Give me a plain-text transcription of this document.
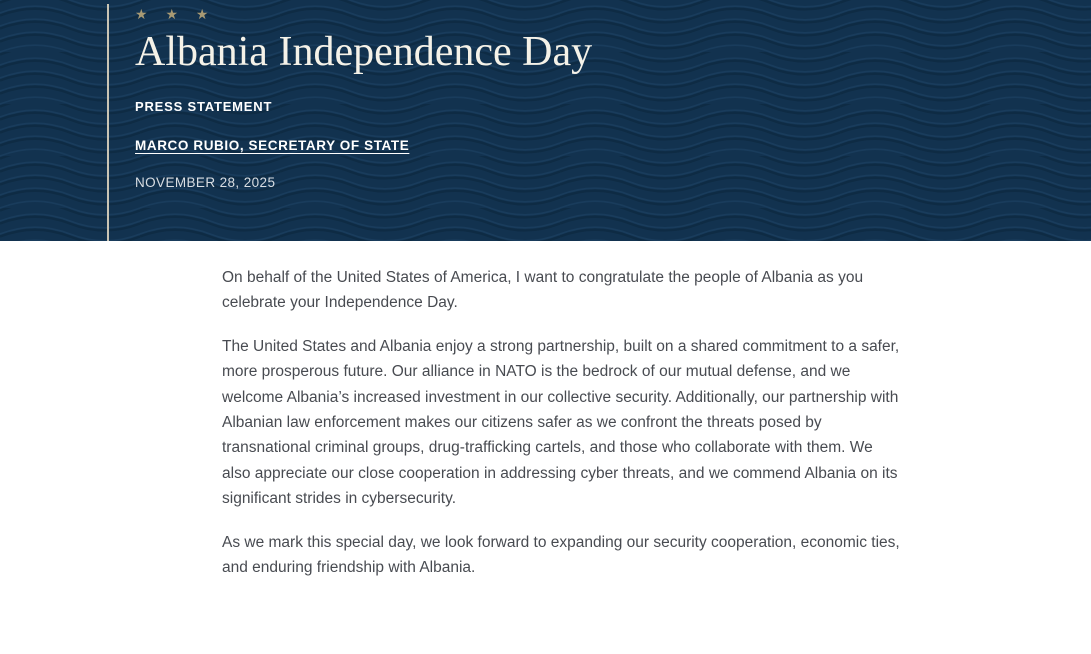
★ ★ ★
Albania Independence Day
PRESS STATEMENT
MARCO RUBIO, SECRETARY OF STATE
NOVEMBER 28, 2025

On behalf of the United States of America, I want to congratulate the people of Albania as you celebrate your Independence Day.

The United States and Albania enjoy a strong partnership, built on a shared commitment to a safer, more prosperous future. Our alliance in NATO is the bedrock of our mutual defense, and we welcome Albania’s increased investment in our collective security. Additionally, our partnership with Albanian law enforcement makes our citizens safer as we confront the threats posed by transnational criminal groups, drug-trafficking cartels, and those who collaborate with them. We also appreciate our close cooperation in addressing cyber threats, and we commend Albania on its significant strides in cybersecurity.

As we mark this special day, we look forward to expanding our security cooperation, economic ties, and enduring friendship with Albania.
